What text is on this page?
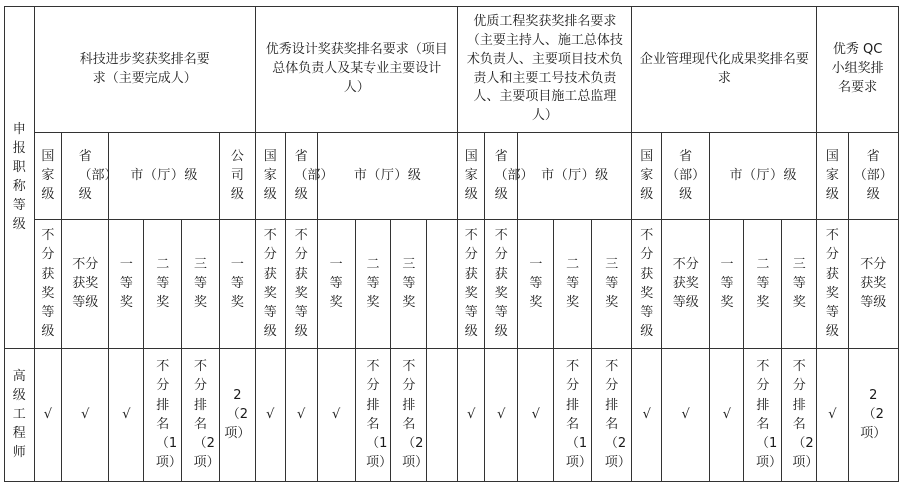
申报职称等级	科技进步奖获奖排名要求（主要完成人）						优秀设计奖获奖排名要求（项目总体负责人及某专业主要设计人）						优质工程奖获奖排名要求（主要主持人、施工总体技术负责人、主要项目技术负责人和主要工号技术负责人、主要项目施工总监理人）					企业管理现代化成果奖排名要求					优秀 QC 小组奖排名要求	

	国家级	省（部）级	市（厅）级			公司级	国家级	省（部）级	市（厅）级				国家级	省（部）级	市（厅）级			国家级	省（部）级	市（厅）级			国家级	省（部）级
	不分获奖等级	不分获奖等级	一等奖	二等奖	三等奖	一等奖	不分获奖等级	不分获奖等级	一等奖	二等奖	三等奖		不分获奖等级	不分获奖等级	一等奖	二等奖	三等奖	不分获奖等级	不分获奖等级	一等奖	二等奖	三等奖	不分获奖等级	不分获奖等级
高级工程师	√	√	√	不分排名（1项）	不分排名（2项）	2（2项）	√	√	√	不分排名（1项）	不分排名（2项）		√	√	√	不分排名（1项）	不分排名（2项）	√	√	√	不分排名（1项）	不分排名（2项）	√	2（2项）
